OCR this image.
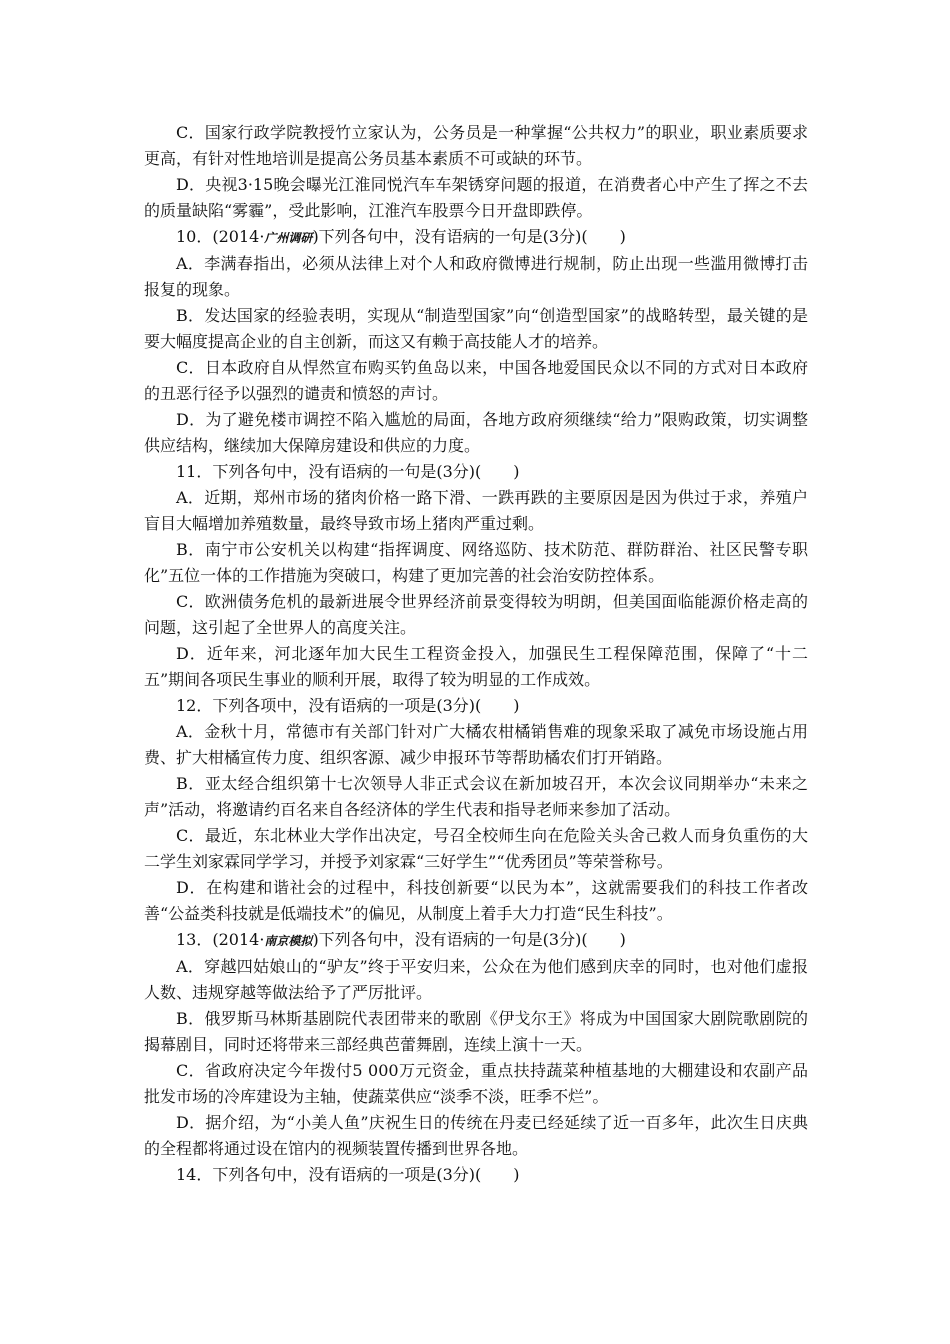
C．国家行政学院教授竹立家认为，公务员是一种掌握“公共权力”的职业，职业素质要求更高，有针对性地培训是提高公务员基本素质不可或缺的环节。

D．央视3·15晚会曝光江淮同悦汽车车架锈穿问题的报道，在消费者心中产生了挥之不去的质量缺陷“雾霾”，受此影响，江淮汽车股票今日开盘即跌停。

10．(2014·广州调研)下列各句中，没有语病的一句是(3分)(　　)

A．李满春指出，必须从法律上对个人和政府微博进行规制，防止出现一些滥用微博打击报复的现象。

B．发达国家的经验表明，实现从“制造型国家”向“创造型国家”的战略转型，最关键的是要大幅度提高企业的自主创新，而这又有赖于高技能人才的培养。

C．日本政府自从悍然宣布购买钓鱼岛以来，中国各地爱国民众以不同的方式对日本政府的丑恶行径予以强烈的谴责和愤怒的声讨。

D．为了避免楼市调控不陷入尴尬的局面，各地方政府须继续“给力”限购政策，切实调整供应结构，继续加大保障房建设和供应的力度。

11．下列各句中，没有语病的一句是(3分)(　　)

A．近期，郑州市场的猪肉价格一路下滑、一跌再跌的主要原因是因为供过于求，养殖户盲目大幅增加养殖数量，最终导致市场上猪肉严重过剩。

B．南宁市公安机关以构建“指挥调度、网络巡防、技术防范、群防群治、社区民警专职化”五位一体的工作措施为突破口，构建了更加完善的社会治安防控体系。

C．欧洲债务危机的最新进展令世界经济前景变得较为明朗，但美国面临能源价格走高的问题，这引起了全世界人的高度关注。

D．近年来，河北逐年加大民生工程资金投入，加强民生工程保障范围，保障了“十二五”期间各项民生事业的顺利开展，取得了较为明显的工作成效。

12．下列各项中，没有语病的一项是(3分)(　　)

A．金秋十月，常德市有关部门针对广大橘农柑橘销售难的现象采取了减免市场设施占用费、扩大柑橘宣传力度、组织客源、减少申报环节等帮助橘农们打开销路。

B．亚太经合组织第十七次领导人非正式会议在新加坡召开，本次会议同期举办“未来之声”活动，将邀请约百名来自各经济体的学生代表和指导老师来参加了活动。

C．最近，东北林业大学作出决定，号召全校师生向在危险关头舍己救人而身负重伤的大二学生刘家霖同学学习，并授予刘家霖“三好学生”“优秀团员”等荣誉称号。

D．在构建和谐社会的过程中，科技创新要“以民为本”，这就需要我们的科技工作者改善“公益类科技就是低端技术”的偏见，从制度上着手大力打造“民生科技”。

13．(2014·南京模拟)下列各句中，没有语病的一句是(3分)(　　)

A．穿越四姑娘山的“驴友”终于平安归来，公众在为他们感到庆幸的同时，也对他们虚报人数、违规穿越等做法给予了严厉批评。

B．俄罗斯马林斯基剧院代表团带来的歌剧《伊戈尔王》将成为中国国家大剧院歌剧院的揭幕剧目，同时还将带来三部经典芭蕾舞剧，连续上演十一天。

C．省政府决定今年拨付5 000万元资金，重点扶持蔬菜种植基地的大棚建设和农副产品批发市场的冷库建设为主轴，使蔬菜供应“淡季不淡，旺季不烂”。

D．据介绍，为“小美人鱼”庆祝生日的传统在丹麦已经延续了近一百多年，此次生日庆典的全程都将通过设在馆内的视频装置传播到世界各地。

14．下列各句中，没有语病的一项是(3分)(　　)
